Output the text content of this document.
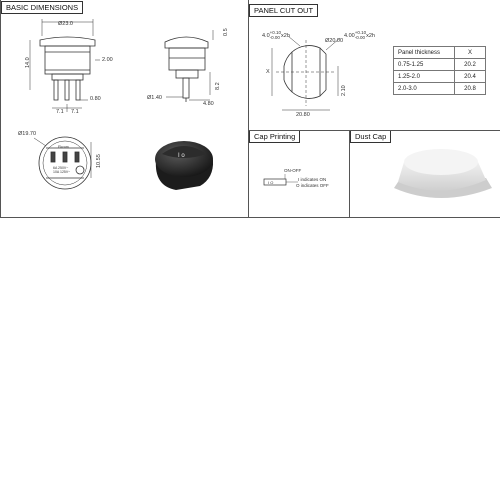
BASIC DIMENSIONS	PANEL CUT OUT
Cap Printing	Dust Cap
Ekcom
6A 250V~
10A 125V~
I o
I O
Ø23.0
2.00
14.0
0.80
7.1 7.1
0.5
8.2
Ø1.40
4.80
Ø19.70
10.55
4.0
+0.10
-0.00 x2h
Ø20.00
4.00
+0.10
-0.00 x2h
X
20.80
2.10
Panel thickness	X
0.75-1.25	20.2
1.25-2.0	20.4
2.0-3.0	20.8
ON-OFF
I indicates ON
O indicates OFF
